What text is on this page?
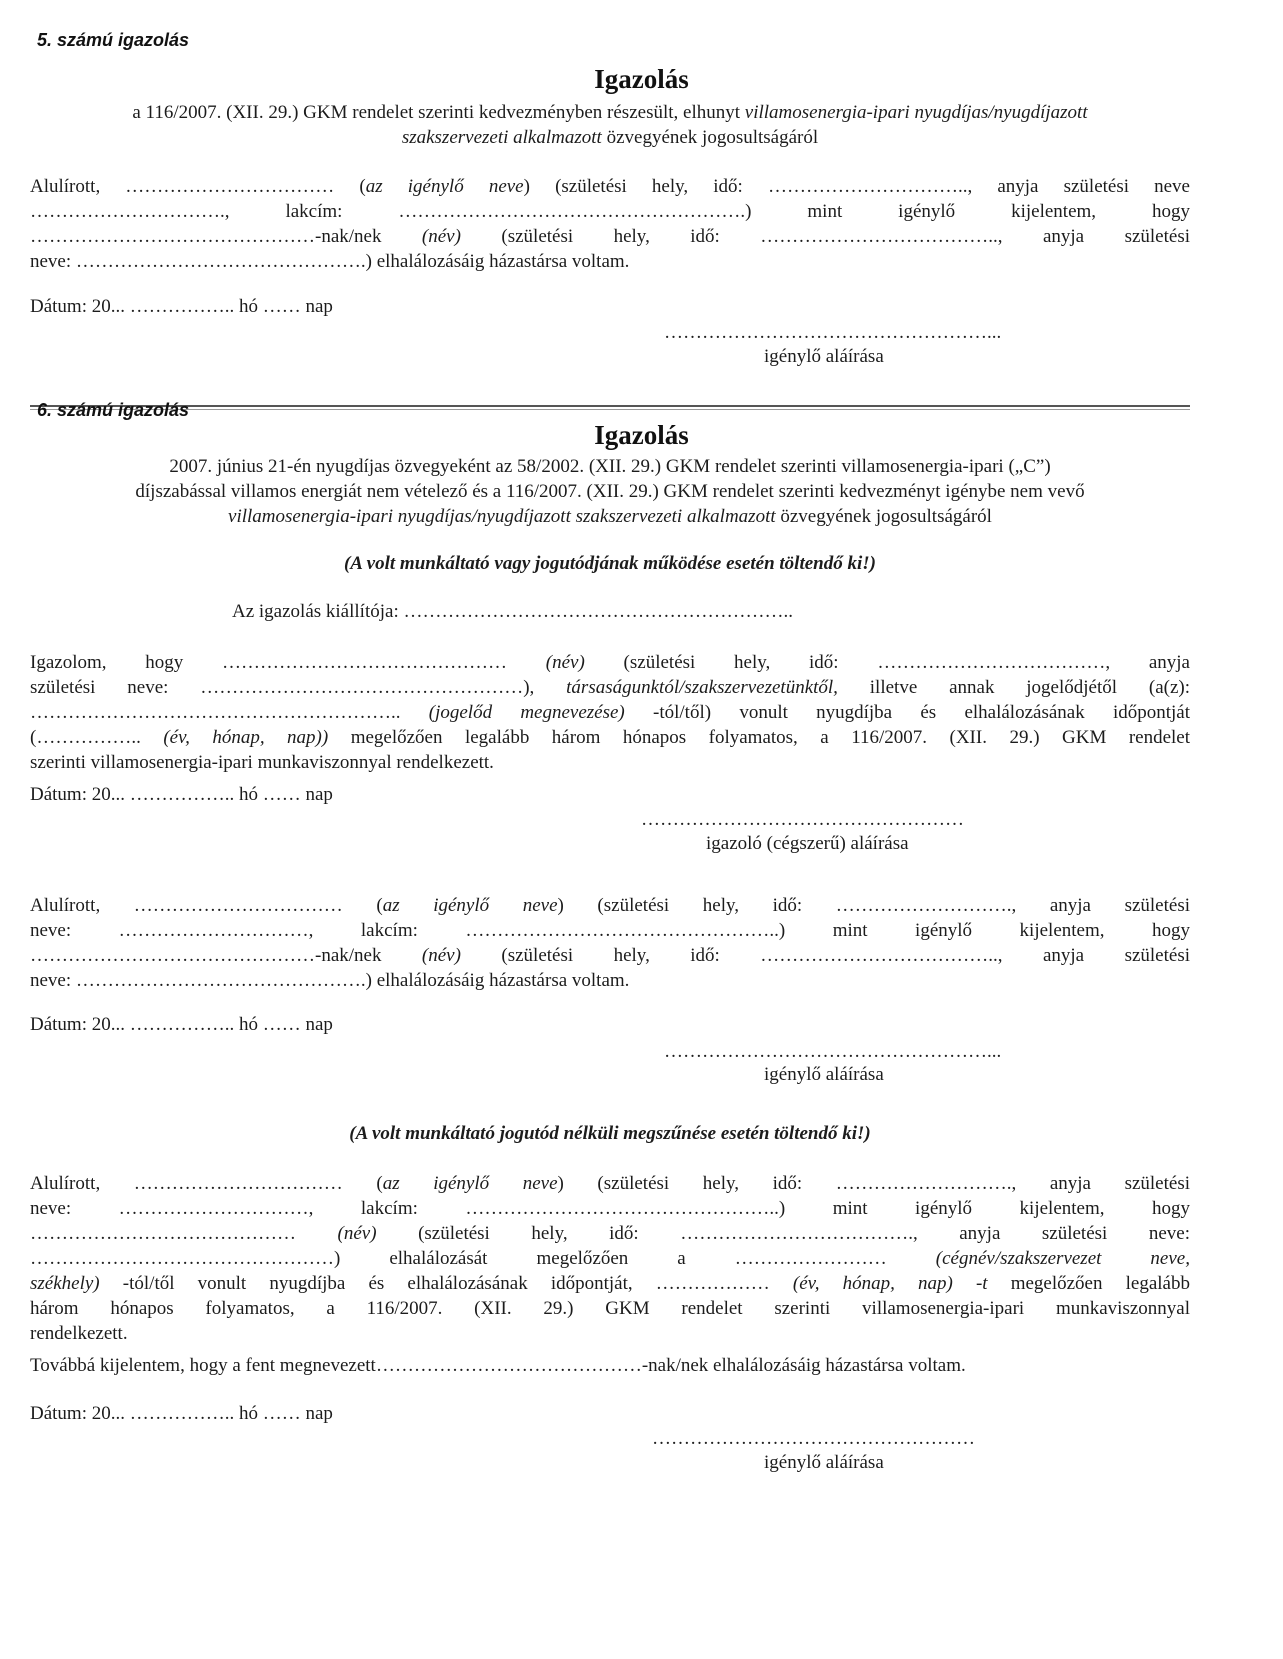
5. számú igazolás
Igazolás
a 116/2007. (XII. 29.) GKM rendelet szerinti kedvezményben részesült, elhunyt villamosenergia-ipari nyugdíjas/nyugdíjazott
szakszervezeti alkalmazott özvegyének jogosultságáról
Alulírott, …………………………… (az igénylő neve) (születési hely, idő: ………………………….., anyja születési neve
…………………………., lakcím: ……………………………………………….) mint igénylő kijelentem, hogy
………………………………………-nak/nek (név) (születési hely, idő: ……………………………….., anyja születési
neve: ……………………………………….) elhalálozásáig házastársa voltam.
Dátum: 20... …………….. hó …… nap
……………………………………………...
igénylő aláírása
6. számú igazolás
Igazolás
2007. június 21-én nyugdíjas özvegyeként az 58/2002. (XII. 29.) GKM rendelet szerinti villamosenergia-ipari („C”)
díjszabással villamos energiát nem vételező és a 116/2007. (XII. 29.) GKM rendelet szerinti kedvezményt igénybe nem vevő
villamosenergia-ipari nyugdíjas/nyugdíjazott szakszervezeti alkalmazott özvegyének jogosultságáról
(A volt munkáltató vagy jogutódjának működése esetén töltendő ki!)
Az igazolás kiállítója: ……………………………………………………..
Igazolom, hogy ……………………………………… (név) (születési hely, idő: ………………………………, anyja
születési neve: ……………………………………………), társaságunktól/szakszervezetünktől, illetve annak jogelődjétől (a(z):
………………………………………………….. (jogelőd megnevezése) -tól/től) vonult nyugdíjba és elhalálozásának időpontját
(…………….. (év, hónap, nap)) megelőzően legalább három hónapos folyamatos, a 116/2007. (XII. 29.) GKM rendelet
szerinti villamosenergia-ipari munkaviszonnyal rendelkezett.
Dátum: 20... …………….. hó …… nap
……………………………………………
igazoló (cégszerű) aláírása
Alulírott, …………………………… (az igénylő neve) (születési hely, idő: ………………………., anyja születési
neve: …………………………, lakcím: …………………………………………..) mint igénylő kijelentem, hogy
………………………………………-nak/nek (név) (születési hely, idő: ……………………………….., anyja születési
neve: ……………………………………….) elhalálozásáig házastársa voltam.
Dátum: 20... …………….. hó …… nap
……………………………………………...
igénylő aláírása
(A volt munkáltató jogutód nélküli megszűnése esetén töltendő ki!)
Alulírott, …………………………… (az igénylő neve) (születési hely, idő: ………………………., anyja születési
neve: …………………………, lakcím: …………………………………………..) mint igénylő kijelentem, hogy
…………………………………… (név) (születési hely, idő: ………………………………., anyja születési neve:
…………………………………………) elhalálozását megelőzően a …………………… (cégnév/szakszervezet neve,
székhely) -tól/től vonult nyugdíjba és elhalálozásának időpontját, ……………… (év, hónap, nap) -t megelőzően legalább
három hónapos folyamatos, a 116/2007. (XII. 29.) GKM rendelet szerinti villamosenergia-ipari munkaviszonnyal
rendelkezett.
Továbbá kijelentem, hogy a fent megnevezett……………………………………-nak/nek elhalálozásáig házastársa voltam.
Dátum: 20... …………….. hó …… nap
……………………………………………
igénylő aláírása
